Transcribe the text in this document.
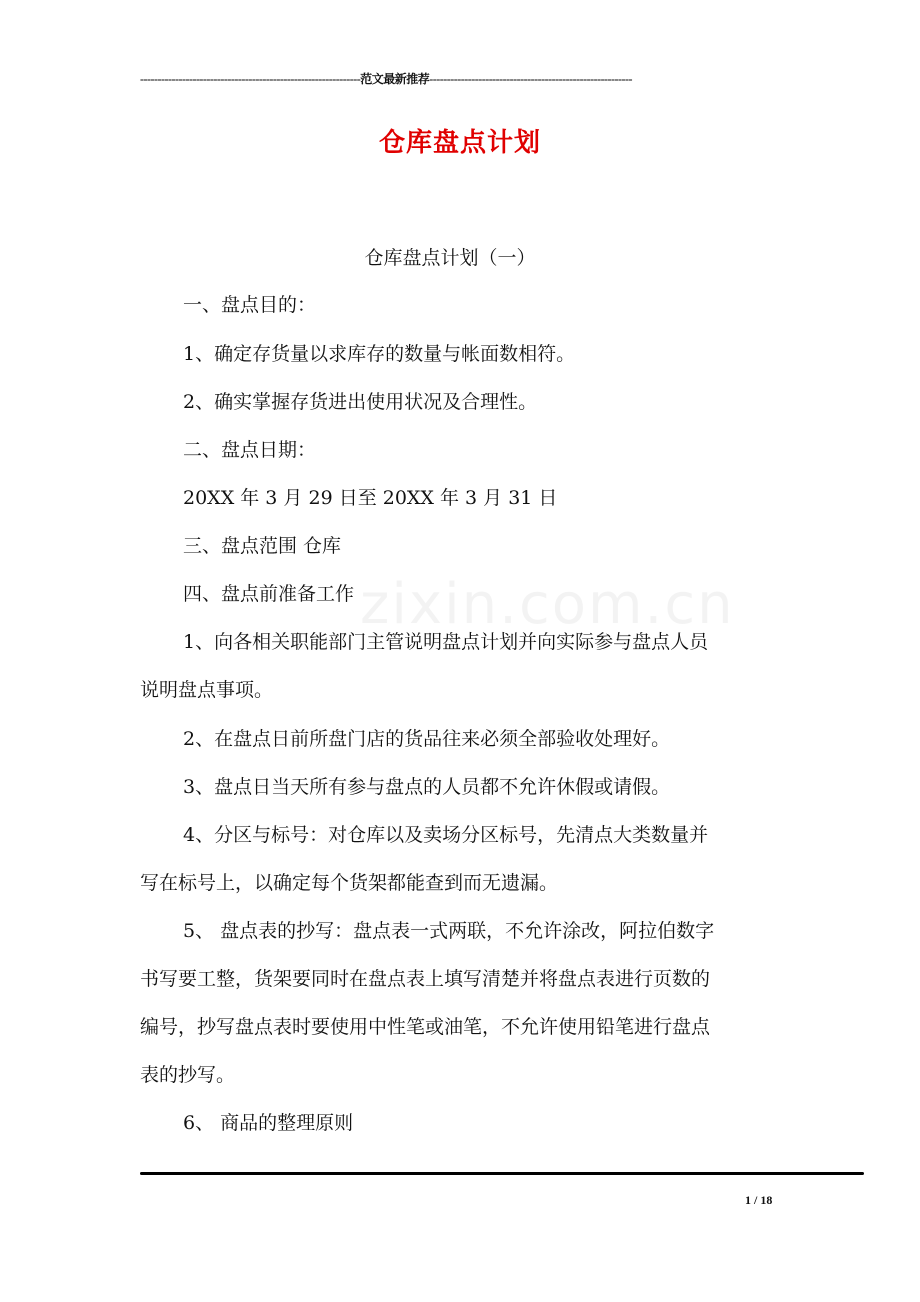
---------------------------------------------------------------范文最新推荐----------------------------------------------------------
仓库盘点计划
仓库盘点计划（一）
一、盘点目的：
1、确定存货量以求库存的数量与帐面数相符。
2、确实掌握存货进出使用状况及合理性。
二、盘点日期：
20XX 年 3 月 29 日至 20XX 年 3 月 31 日
三、盘点范围 仓库
四、盘点前准备工作
1、向各相关职能部门主管说明盘点计划并向实际参与盘点人员
说明盘点事项。
2、在盘点日前所盘门店的货品往来必须全部验收处理好。
3、盘点日当天所有参与盘点的人员都不允许休假或请假。
4、分区与标号：对仓库以及卖场分区标号，先清点大类数量并
写在标号上，以确定每个货架都能查到而无遗漏。
5、 盘点表的抄写：盘点表一式两联，不允许涂改，阿拉伯数字
书写要工整，货架要同时在盘点表上填写清楚并将盘点表进行页数的
编号，抄写盘点表时要使用中性笔或油笔，不允许使用铅笔进行盘点
表的抄写。
6、 商品的整理原则
1 / 18
